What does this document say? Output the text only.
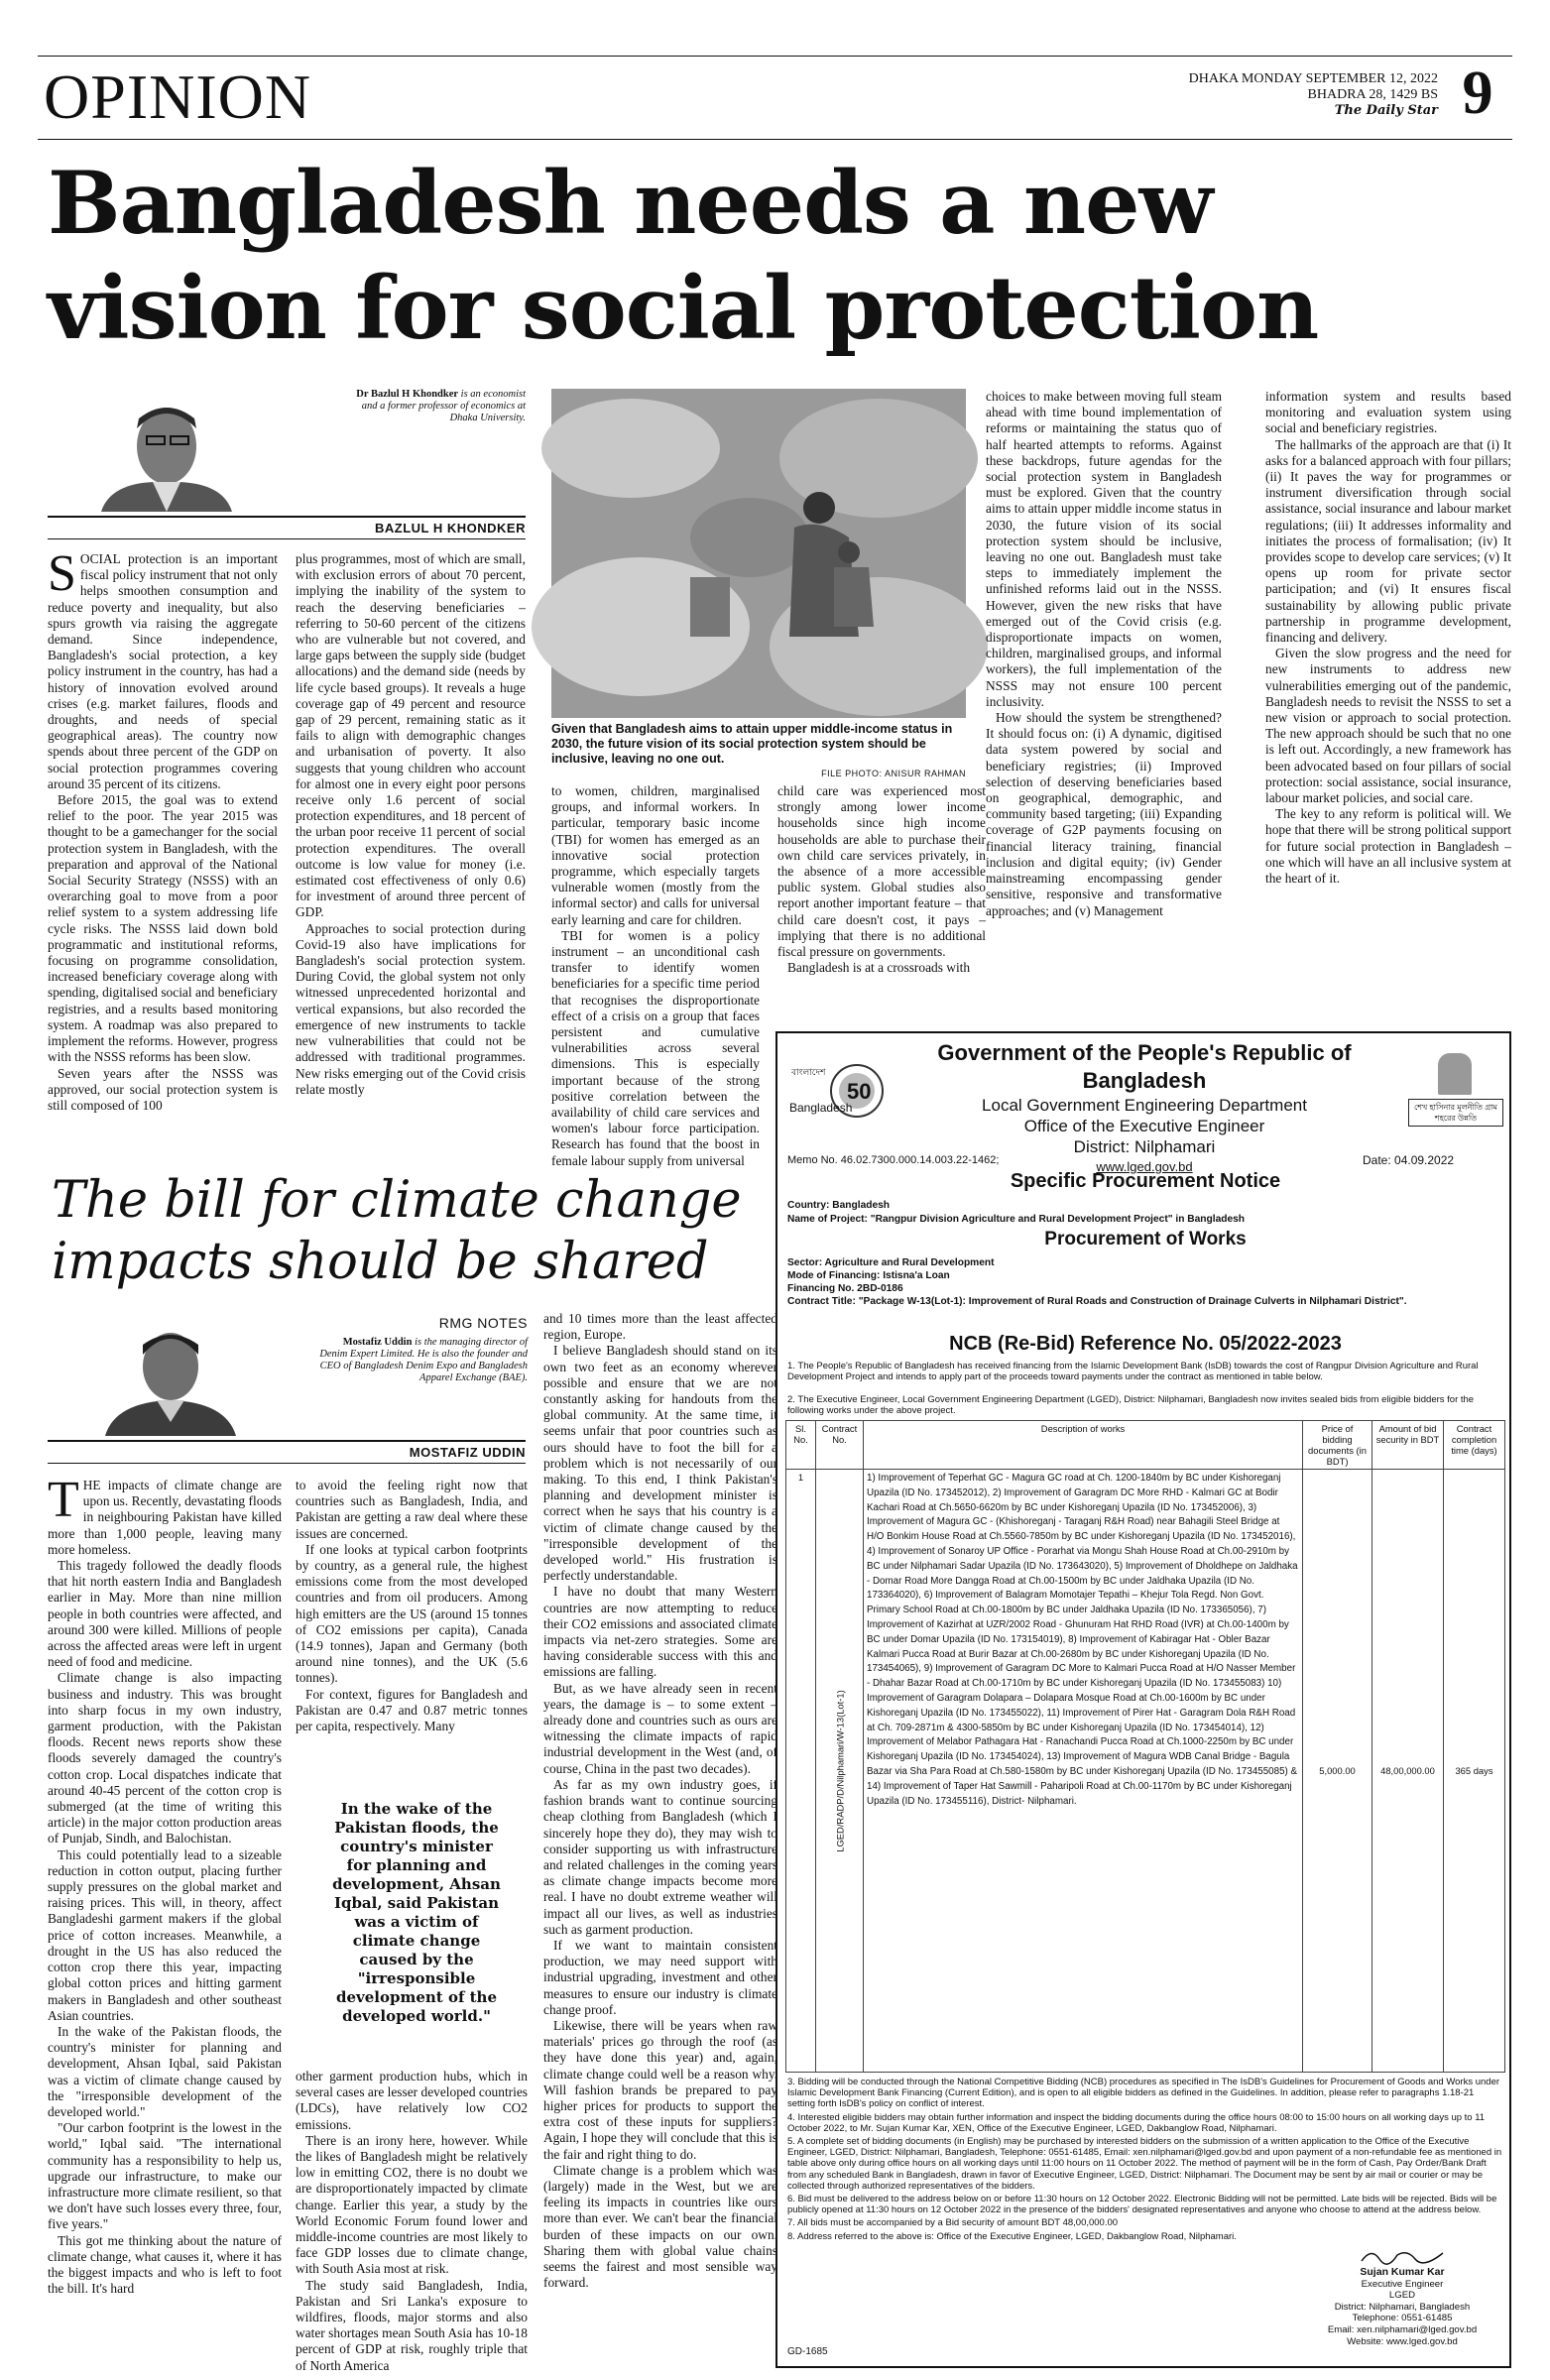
OPINION	DHAKA MONDAY SEPTEMBER 12, 2022
BHADRA 28, 1429 BS
The Daily Star 9
Bangladesh needs a new
vision for social protection
Dr Bazlul H Khondker is an economist and a former professor of economics at Dhaka University.
BAZLUL H KHONDKER
Given that Bangladesh aims to attain upper middle-income status in 2030, the future vision of its social protection system should be inclusive, leaving no one out.
FILE PHOTO: ANISUR RAHMAN
S OCIAL protection is an important fiscal policy instrument that not only helps smoothen consumption and reduce poverty and inequality, but also spurs growth via raising the aggregate demand. Since independence, Bangladesh's social protection, a key policy instrument in the country, has had a history of innovation evolved around crises (e.g. market failures, floods and droughts, and needs of special geographical areas). The country now spends about three percent of the GDP on social protection programmes covering around 35 percent of its citizens.

Before 2015, the goal was to extend relief to the poor. The year 2015 was thought to be a gamechanger for the social protection system in Bangladesh, with the preparation and approval of the National Social Security Strategy (NSSS) with an overarching goal to move from a poor relief system to a system addressing life cycle risks. The NSSS laid down bold programmatic and institutional reforms, focusing on programme consolidation, increased beneficiary coverage along with spending, digitalised social and beneficiary registries, and a results based monitoring system. A roadmap was also prepared to implement the reforms. However, progress with the NSSS reforms has been slow.

Seven years after the NSSS was approved, our social protection system is still composed of 100

plus programmes, most of which are small, with exclusion errors of about 70 percent, implying the inability of the system to reach the deserving beneficiaries – referring to 50-60 percent of the citizens who are vulnerable but not covered, and large gaps between the supply side (budget allocations) and the demand side (needs by life cycle based groups). It reveals a huge coverage gap of 49 percent and resource gap of 29 percent, remaining static as it fails to align with demographic changes and urbanisation of poverty. It also suggests that young children who account for almost one in every eight poor persons receive only 1.6 percent of social protection expenditures, and 18 percent of the urban poor receive 11 percent of social protection expenditures. The overall outcome is low value for money (i.e. estimated cost effectiveness of only 0.6) for investment of around three percent of GDP.

Approaches to social protection during Covid-19 also have implications for Bangladesh's social protection system. During Covid, the global system not only witnessed unprecedented horizontal and vertical expansions, but also recorded the emergence of new instruments to tackle new vulnerabilities that could not be addressed with traditional programmes. New risks emerging out of the Covid crisis relate mostly

to women, children, marginalised groups, and informal workers. In particular, temporary basic income (TBI) for women has emerged as an innovative social protection programme, which especially targets vulnerable women (mostly from the informal sector) and calls for universal early learning and care for children.

TBI for women is a policy instrument – an unconditional cash transfer to identify women beneficiaries for a specific time period that recognises the disproportionate effect of a crisis on a group that faces persistent and cumulative vulnerabilities across several dimensions. This is especially important because of the strong positive correlation between the availability of child care services and women's labour force participation. Research has found that the boost in female labour supply from universal

child care was experienced most strongly among lower income households since high income households are able to purchase their own child care services privately, in the absence of a more accessible public system. Global studies also report another important feature – that child care doesn't cost, it pays – implying that there is no additional fiscal pressure on governments.

Bangladesh is at a crossroads with

choices to make between moving full steam ahead with time bound implementation of reforms or maintaining the status quo of half hearted attempts to reforms. Against these backdrops, future agendas for the social protection system in Bangladesh must be explored. Given that the country aims to attain upper middle income status in 2030, the future vision of its social protection system should be inclusive, leaving no one out. Bangladesh must take steps to immediately implement the unfinished reforms laid out in the NSSS. However, given the new risks that have emerged out of the Covid crisis (e.g. disproportionate impacts on women, children, marginalised groups, and informal workers), the full implementation of the NSSS may not ensure 100 percent inclusivity.

How should the system be strengthened? It should focus on: (i) A dynamic, digitised data system powered by social and beneficiary registries; (ii) Improved selection of deserving beneficiaries based on geographical, demographic, and community based targeting; (iii) Expanding coverage of G2P payments focusing on financial literacy training, financial inclusion and digital equity; (iv) Gender mainstreaming encompassing gender sensitive, responsive and transformative approaches; and (v) Management

information system and results based monitoring and evaluation system using social and beneficiary registries.

The hallmarks of the approach are that (i) It asks for a balanced approach with four pillars; (ii) It paves the way for programmes or instrument diversification through social assistance, social insurance and labour market regulations; (iii) It addresses informality and initiates the process of formalisation; (iv) It provides scope to develop care services; (v) It opens up room for private sector participation; and (vi) It ensures fiscal sustainability by allowing public private partnership in programme development, financing and delivery.

Given the slow progress and the need for new instruments to address new vulnerabilities emerging out of the pandemic, Bangladesh needs to revisit the NSSS to set a new vision or approach to social protection. The new approach should be such that no one is left out. Accordingly, a new framework has been advocated based on four pillars of social protection: social assistance, social insurance, labour market policies, and social care.

The key to any reform is political will. We hope that there will be strong political support for future social protection in Bangladesh – one which will have an all inclusive system at the heart of it.

The bill for climate change
impacts should be shared
RMG NOTES
Mostafiz Uddin is the managing director of Denim Expert Limited. He is also the founder and CEO of Bangladesh Denim Expo and Bangladesh Apparel Exchange (BAE).
MOSTAFIZ UDDIN
T HE impacts of climate change are upon us. Recently, devastating floods in neighbouring Pakistan have killed more than 1,000 people, leaving many more homeless.

This tragedy followed the deadly floods that hit north eastern India and Bangladesh earlier in May. More than nine million people in both countries were affected, and around 300 were killed. Millions of people across the affected areas were left in urgent need of food and medicine.

Climate change is also impacting business and industry. This was brought into sharp focus in my own industry, garment production, with the Pakistan floods. Recent news reports show these floods severely damaged the country's cotton crop. Local dispatches indicate that around 40-45 percent of the cotton crop is submerged (at the time of writing this article) in the major cotton production areas of Punjab, Sindh, and Balochistan.

This could potentially lead to a sizeable reduction in cotton output, placing further supply pressures on the global market and raising prices. This will, in theory, affect Bangladeshi garment makers if the global price of cotton increases. Meanwhile, a drought in the US has also reduced the cotton crop there this year, impacting global cotton prices and hitting garment makers in Bangladesh and other southeast Asian countries.

In the wake of the Pakistan floods, the country's minister for planning and development, Ahsan Iqbal, said Pakistan was a victim of climate change caused by the "irresponsible development of the developed world."

"Our carbon footprint is the lowest in the world," Iqbal said. "The international community has a responsibility to help us, upgrade our infrastructure, to make our infrastructure more climate resilient, so that we don't have such losses every three, four, five years."

This got me thinking about the nature of climate change, what causes it, where it has the biggest impacts and who is left to foot the bill. It's hard

to avoid the feeling right now that countries such as Bangladesh, India, and Pakistan are getting a raw deal where these issues are concerned.

If one looks at typical carbon footprints by country, as a general rule, the highest emissions come from the most developed countries and from oil producers. Among high emitters are the US (around 15 tonnes of CO2 emissions per capita), Canada (14.9 tonnes), Japan and Germany (both around nine tonnes), and the UK (5.6 tonnes).

For context, figures for Bangladesh and Pakistan are 0.47 and 0.87 metric tonnes per capita, respectively. Many

In the wake of the Pakistan floods, the country's minister for planning and development, Ahsan Iqbal, said Pakistan was a victim of climate change caused by the "irresponsible development of the developed world."

other garment production hubs, which in several cases are lesser developed countries (LDCs), have relatively low CO2 emissions.

There is an irony here, however. While the likes of Bangladesh might be relatively low in emitting CO2, there is no doubt we are disproportionately impacted by climate change. Earlier this year, a study by the World Economic Forum found lower and middle-income countries are most likely to face GDP losses due to climate change, with South Asia most at risk.

The study said Bangladesh, India, Pakistan and Sri Lanka's exposure to wildfires, floods, major storms and also water shortages mean South Asia has 10-18 percent of GDP at risk, roughly triple that of North America

and 10 times more than the least affected region, Europe.

I believe Bangladesh should stand on its own two feet as an economy wherever possible and ensure that we are not constantly asking for handouts from the global community. At the same time, it seems unfair that poor countries such as ours should have to foot the bill for a problem which is not necessarily of our making. To this end, I think Pakistan's planning and development minister is correct when he says that his country is a victim of climate change caused by the "irresponsible development of the developed world." His frustration is perfectly understandable.

I have no doubt that many Western countries are now attempting to reduce their CO2 emissions and associated climate impacts via net-zero strategies. Some are having considerable success with this and emissions are falling.

But, as we have already seen in recent years, the damage is – to some extent – already done and countries such as ours are witnessing the climate impacts of rapid industrial development in the West (and, of course, China in the past two decades).

As far as my own industry goes, if fashion brands want to continue sourcing cheap clothing from Bangladesh (which I sincerely hope they do), they may wish to consider supporting us with infrastructure and related challenges in the coming years as climate change impacts become more real. I have no doubt extreme weather will impact all our lives, as well as industries such as garment production.

If we want to maintain consistent production, we may need support with industrial upgrading, investment and other measures to ensure our industry is climate change proof.

Likewise, there will be years when raw materials' prices go through the roof (as they have done this year) and, again, climate change could well be a reason why. Will fashion brands be prepared to pay higher prices for products to support the extra cost of these inputs for suppliers? Again, I hope they will conclude that this is the fair and right thing to do.

Climate change is a problem which was (largely) made in the West, but we are feeling its impacts in countries like ours more than ever. We can't bear the financial burden of these impacts on our own. Sharing them with global value chains seems the fairest and most sensible way forward.

বাংলাদেশ
50
Bangladesh
Government of the People's Republic of Bangladesh
Local Government Engineering Department
Office of the Executive Engineer
District: Nilphamari
www.lged.gov.bd
শেখ হাসিনার মূলনীতি গ্রাম শহরের উন্নতি
Memo No. 46.02.7300.000.14.003.22-1462;	Date: 04.09.2022
Specific Procurement Notice
Country: Bangladesh
Name of Project: "Rangpur Division Agriculture and Rural Development Project" in Bangladesh
Procurement of Works
Sector: Agriculture and Rural Development
Mode of Financing: Istisna'a Loan
Financing No. 2BD-0186
Contract Title: "Package W-13(Lot-1): Improvement of Rural Roads and Construction of Drainage Culverts in Nilphamari District".
NCB (Re-Bid) Reference No. 05/2022-2023
1. The People's Republic of Bangladesh has received financing from the Islamic Development Bank (IsDB) towards the cost of Rangpur Division Agriculture and Rural Development Project and intends to apply part of the proceeds toward payments under the contract as mentioned in table below.
2. The Executive Engineer, Local Government Engineering Department (LGED), District: Nilphamari, Bangladesh now invites sealed bids from eligible bidders for the following works under the above project.
Sl. No.	Contract No.	Description of works	Price of bidding documents (in BDT)	Amount of bid security in BDT	Contract completion time (days)
1	LGED/RADP/D/Nilphamari/W-13(Lot-1)	1) Improvement of Teperhat GC - Magura GC road at Ch. 1200-1840m by BC under Kishoreganj Upazila (ID No. 173452012), 2) Improvement of Garagram DC More RHD - Kalmari GC at Bodir Kachari Road at Ch.5650-6620m by BC under Kishoreganj Upazila (ID No. 173452006), 3) Improvement of Magura GC - (Khishoreganj - Taraganj R&H Road) near Bahagili Steel Bridge at H/O Bonkim House Road at Ch.5560-7850m by BC under Kishoreganj Upazila (ID No. 173452016), 4) Improvement of Sonaroy UP Office - Porarhat via Mongu Shah House Road at Ch.00-2910m by BC under Nilphamari Sadar Upazila (ID No. 173643020), 5) Improvement of Dholdhepe on Jaldhaka - Domar Road More Dangga Road at Ch.00-1500m by BC under Jaldhaka Upazila (ID No. 173364020), 6) Improvement of Balagram Momotajer Tepathi – Khejur Tola Regd. Non Govt. Primary School Road at Ch.00-1800m by BC under Jaldhaka Upazila (ID No. 173365056), 7) Improvement of Kazirhat at UZR/2002 Road - Ghunuram Hat RHD Road (IVR) at Ch.00-1400m by BC under Domar Upazila (ID No. 173154019), 8) Improvement of Kabiragar Hat - Obler Bazar Kalmari Pucca Road at Burir Bazar at Ch.00-2680m by BC under Kishoreganj Upazila (ID No. 173454065), 9) Improvement of Garagram DC More to Kalmari Pucca Road at H/O Nasser Member - Dhahar Bazar Road at Ch.00-1710m by BC under Kishoreganj Upazila (ID No. 173455083) 10) Improvement of Garagram Dolapara – Dolapara Mosque Road at Ch.00-1600m by BC under Kishoreganj Upazila (ID No. 173455022), 11) Improvement of Pirer Hat - Garagram Dola R&H Road at Ch. 709-2871m & 4300-5850m by BC under Kishoreganj Upazila (ID No. 173454014), 12) Improvement of Melabor Pathagara Hat - Ranachandi Pucca Road at Ch.1000-2250m by BC under Kishoreganj Upazila (ID No. 173454024), 13) Improvement of Magura WDB Canal Bridge - Bagula Bazar via Sha Para Road at Ch.580-1580m by BC under Kishoreganj Upazila (ID No. 173455085) & 14) Improvement of Taper Hat Sawmill - Paharipoli Road at Ch.00-1170m by BC under Kishoreganj Upazila (ID No. 173455116), District- Nilphamari.	5,000.00	48,00,000.00	365 days
3. Bidding will be conducted through the National Competitive Bidding (NCB) procedures as specified in The IsDB's Guidelines for Procurement of Goods and Works under Islamic Development Bank Financing (Current Edition), and is open to all eligible bidders as defined in the Guidelines. In addition, please refer to paragraphs 1.18-21 setting forth IsDB's policy on conflict of interest.
4. Interested eligible bidders may obtain further information and inspect the bidding documents during the office hours 08:00 to 15:00 hours on all working days up to 11 October 2022, to Mr. Sujan Kumar Kar, XEN, Office of the Executive Engineer, LGED, Dakbanglow Road, Nilphamari.
5. A complete set of bidding documents (in English) may be purchased by interested bidders on the submission of a written application to the Office of the Executive Engineer, LGED, District: Nilphamari, Bangladesh, Telephone: 0551-61485, Email: xen.nilphamari@lged.gov.bd and upon payment of a non-refundable fee as mentioned in table above only during office hours on all working days until 11:00 hours on 11 October 2022. The method of payment will be in the form of Cash, Pay Order/Bank Draft from any scheduled Bank in Bangladesh, drawn in favor of Executive Engineer, LGED, District: Nilphamari. The Document may be sent by air mail or courier or may be collected through authorized representatives of the bidders.
6. Bid must be delivered to the address below on or before 11:30 hours on 12 October 2022. Electronic Bidding will not be permitted. Late bids will be rejected. Bids will be publicly opened at 11:30 hours on 12 October 2022 in the presence of the bidders' designated representatives and anyone who choose to attend at the address below.
7. All bids must be accompanied by a Bid security of amount BDT 48,00,000.00
8. Address referred to the above is: Office of the Executive Engineer, LGED, Dakbanglow Road, Nilphamari.
Sujan Kumar Kar
Executive Engineer
LGED
District: Nilphamari, Bangladesh
Telephone: 0551-61485
Email: xen.nilphamari@lged.gov.bd
Website: www.lged.gov.bd
GD-1685
